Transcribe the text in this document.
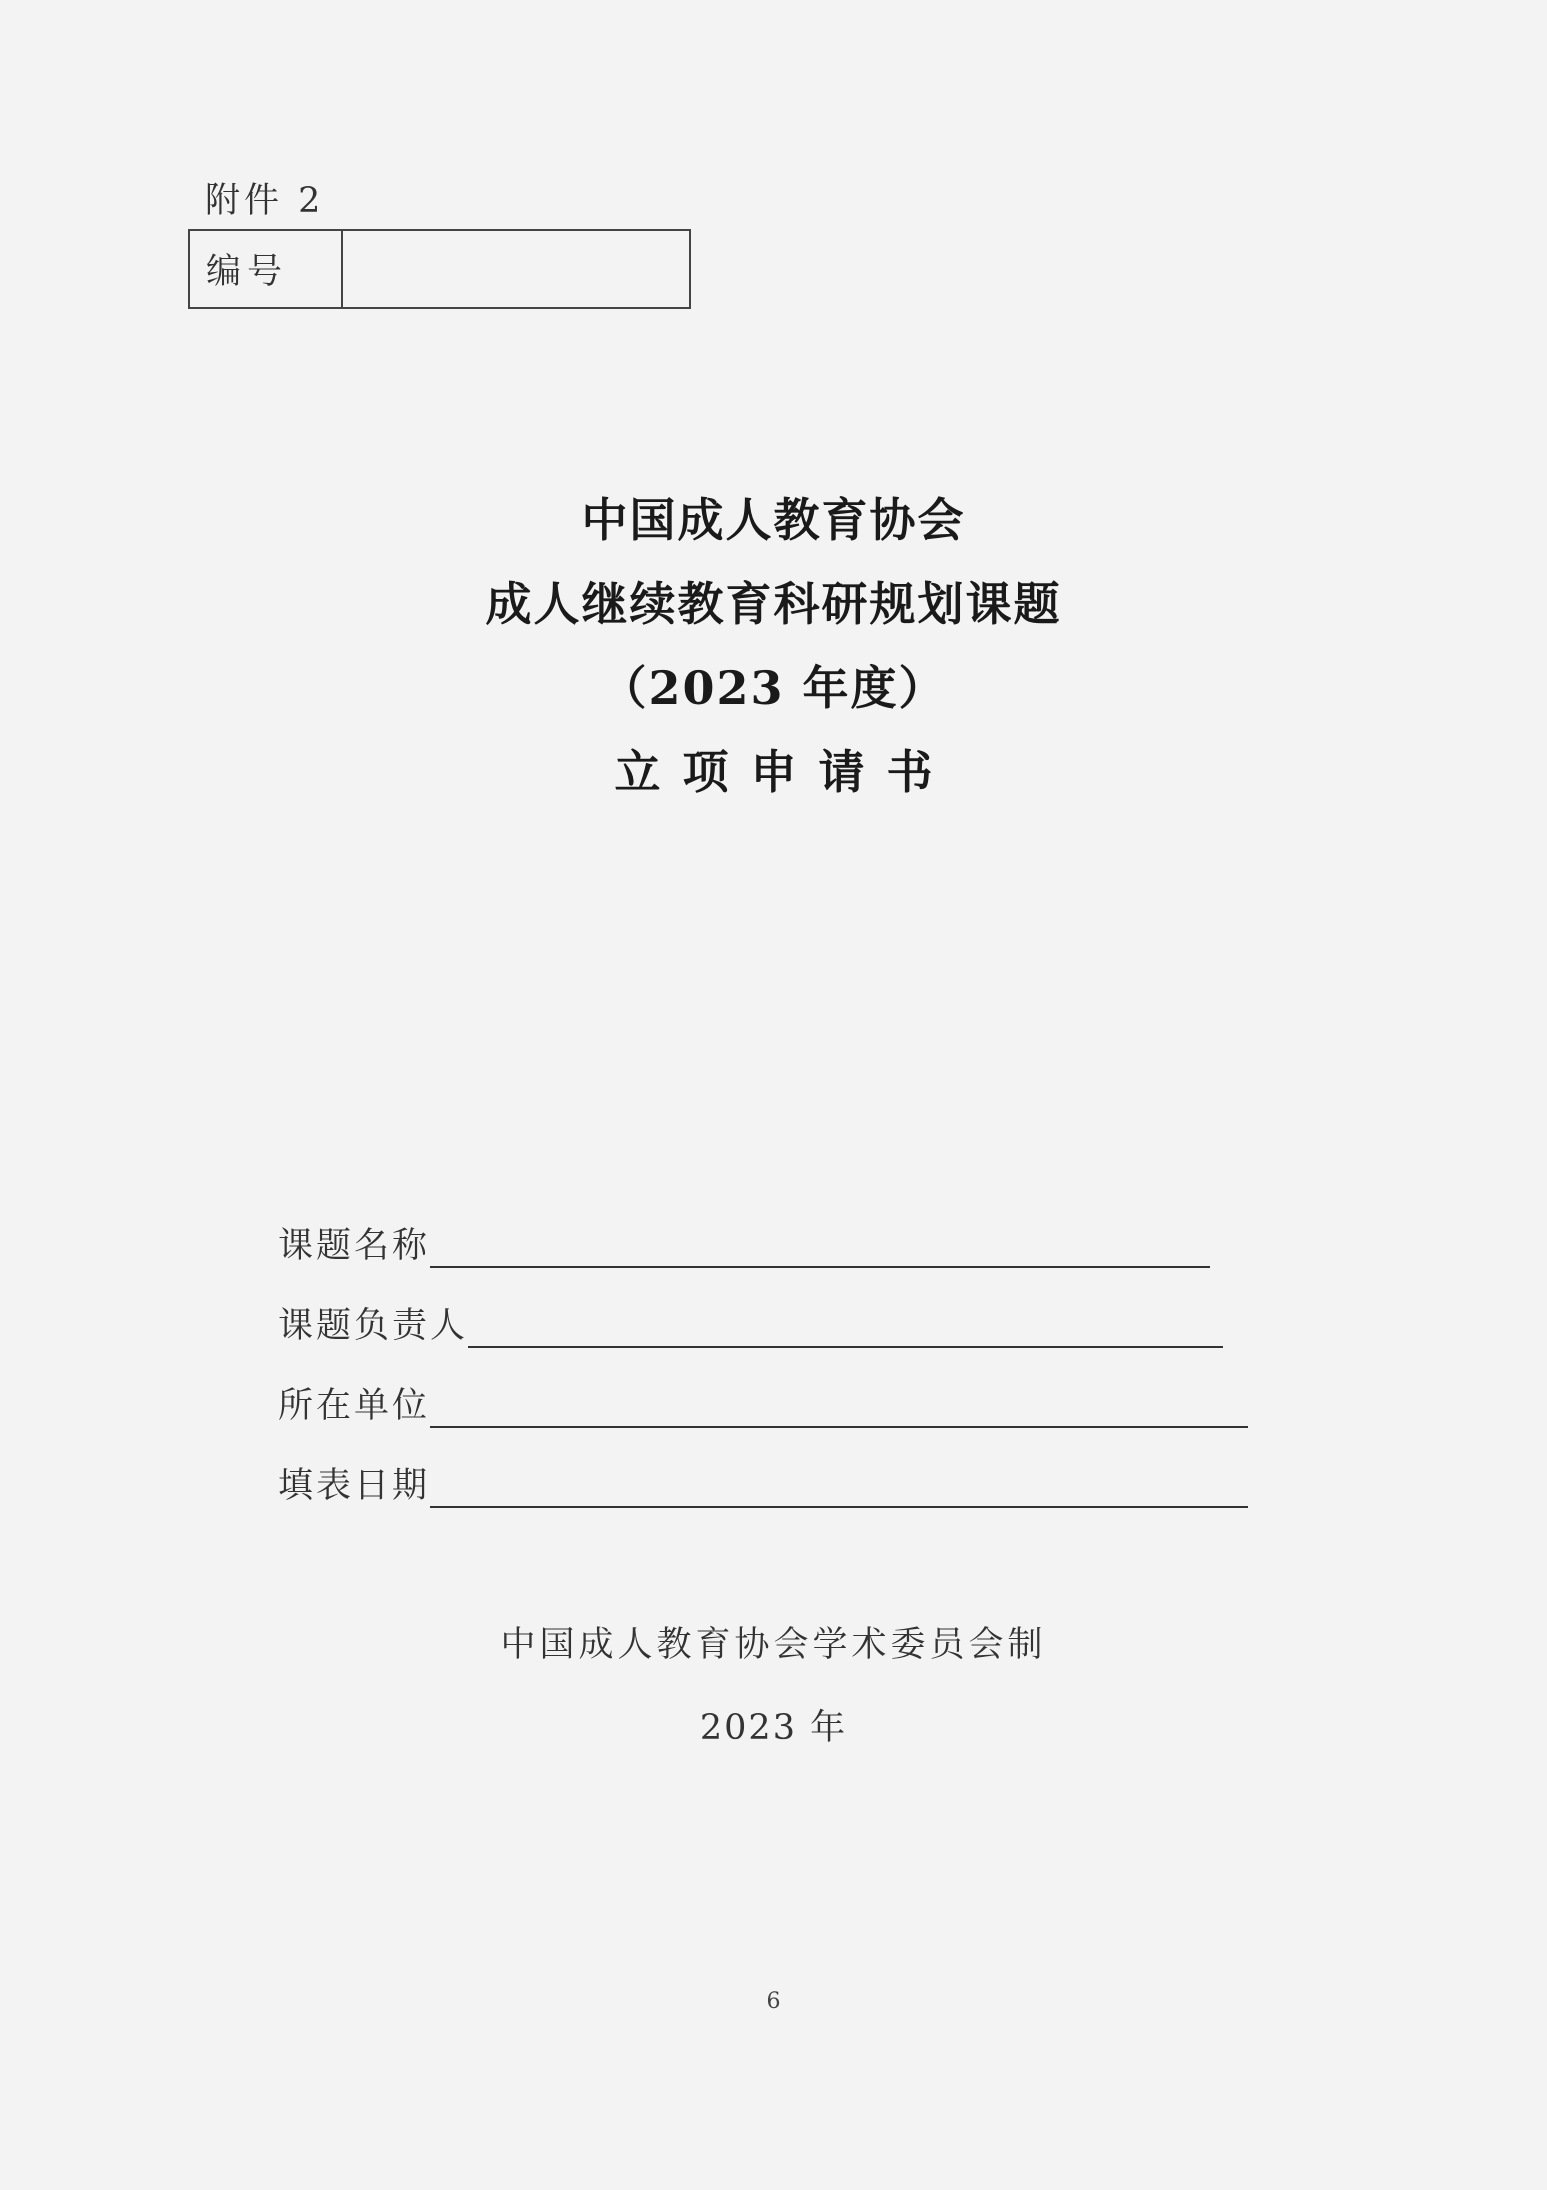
附件 2
编号
中国成人教育协会
成人继续教育科研规划课题
（2023 年度）
立项申请书
课题名称
课题负责人
所在单位
填表日期
中国成人教育协会学术委员会制
2023 年
6
